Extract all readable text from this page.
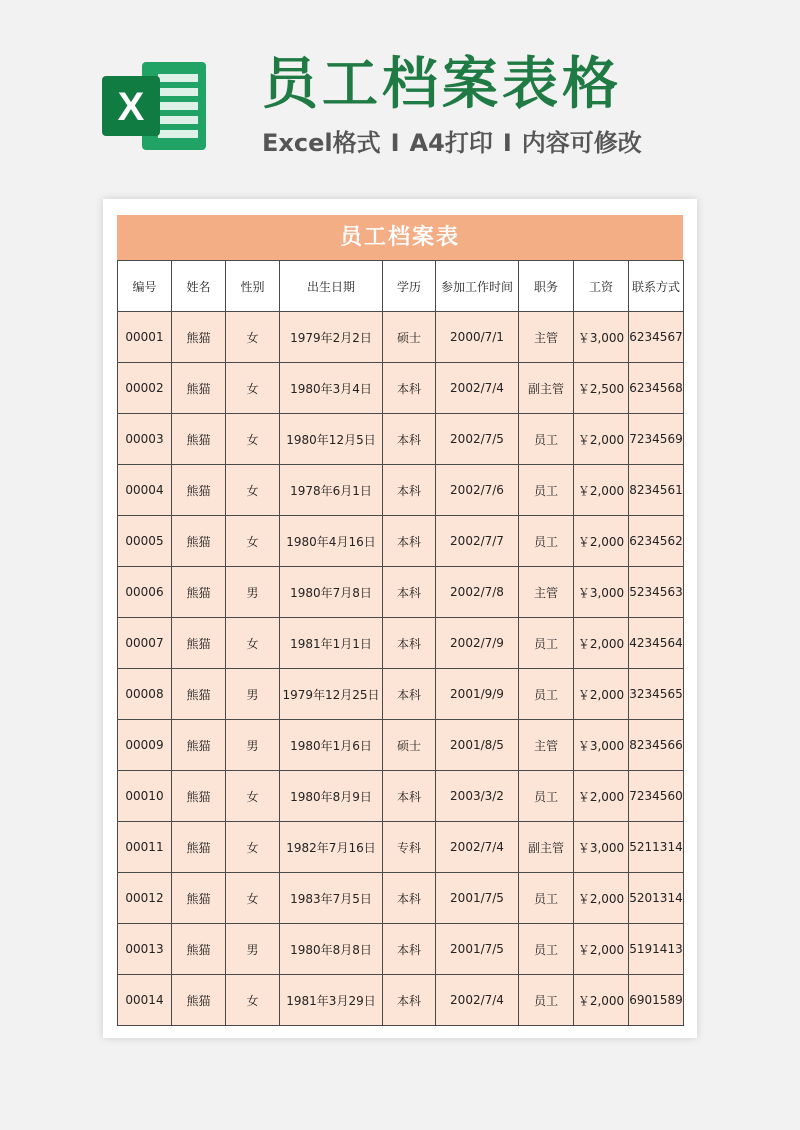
X 员工档案表格
Excel格式 I A4打印 I 内容可修改
员工档案表
编号	姓名	性别	出生日期	学历	参加工作时间	职务	工资	联系方式
00001	熊猫	女	1979年2月2日	硕士	2000/7/1	主管	￥3,000	6234567
00002	熊猫	女	1980年3月4日	本科	2002/7/4	副主管	￥2,500	6234568
00003	熊猫	女	1980年12月5日	本科	2002/7/5	员工	￥2,000	7234569
00004	熊猫	女	1978年6月1日	本科	2002/7/6	员工	￥2,000	8234561
00005	熊猫	女	1980年4月16日	本科	2002/7/7	员工	￥2,000	6234562
00006	熊猫	男	1980年7月8日	本科	2002/7/8	主管	￥3,000	5234563
00007	熊猫	女	1981年1月1日	本科	2002/7/9	员工	￥2,000	4234564
00008	熊猫	男	1979年12月25日	本科	2001/9/9	员工	￥2,000	3234565
00009	熊猫	男	1980年1月6日	硕士	2001/8/5	主管	￥3,000	8234566
00010	熊猫	女	1980年8月9日	本科	2003/3/2	员工	￥2,000	7234560
00011	熊猫	女	1982年7月16日	专科	2002/7/4	副主管	￥3,000	5211314
00012	熊猫	女	1983年7月5日	本科	2001/7/5	员工	￥2,000	5201314
00013	熊猫	男	1980年8月8日	本科	2001/7/5	员工	￥2,000	5191413
00014	熊猫	女	1981年3月29日	本科	2002/7/4	员工	￥2,000	6901589
